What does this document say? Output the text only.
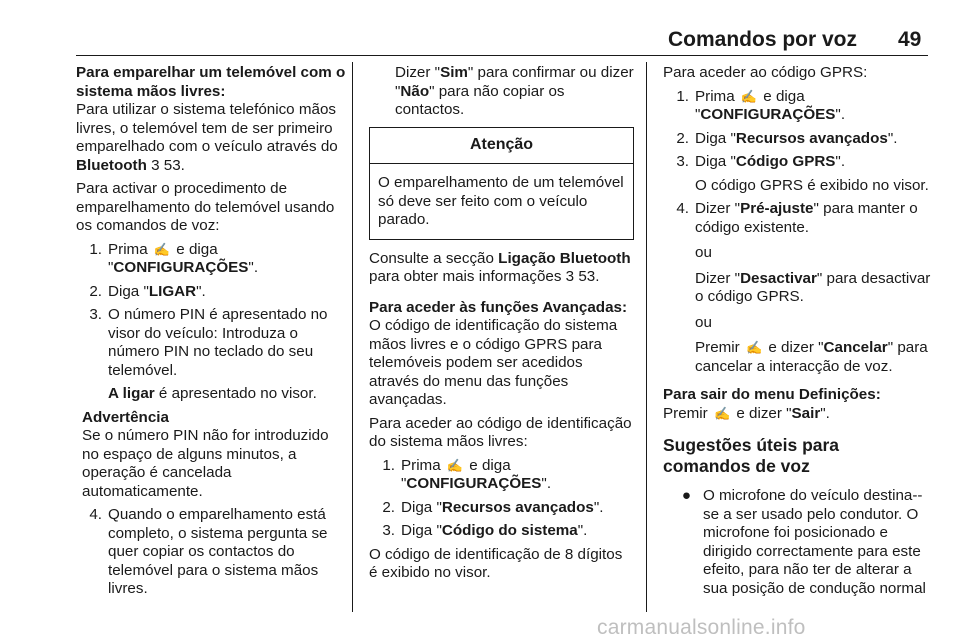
Comandos por voz 49

Para emparelhar um telemóvel com o sistema mãos livres:

Para utilizar o sistema telefónico mãos livres, o telemóvel tem de ser primeiro emparelhado com o veículo através do Bluetooth 3 53.

Para activar o procedimento de emparelhamento do telemóvel usando os comandos de voz:

1. Prima ✍ e diga
"CONFIGURAÇÕES".
2. Diga "LIGAR".
3. O número PIN é apresentado no visor do veículo: Introduza o número PIN no teclado do seu telemóvel.

A ligar é apresentado no visor.

Advertência

Se o número PIN não for introduzido no espaço de alguns minutos, a operação é cancelada automaticamente.

4. Quando o emparelhamento está completo, o sistema pergunta se quer copiar os contactos do telemóvel para o sistema mãos livres.

Dizer "Sim" para confirmar ou dizer "Não" para não copiar os contactos.

Atenção
O emparelhamento de um telemóvel só deve ser feito com o veículo parado.

Consulte a secção Ligação Bluetooth para obter mais informações 3 53.

Para aceder às funções Avançadas:

O código de identificação do sistema mãos livres e o código GPRS para telemóveis podem ser acedidos através do menu das funções avançadas.

Para aceder ao código de identificação do sistema mãos livres:

1. Prima ✍ e diga
"CONFIGURAÇÕES".
2. Diga "Recursos avançados".
3. Diga "Código do sistema".

O código de identificação de 8 dígitos é exibido no visor.

Para aceder ao código GPRS:

1. Prima ✍ e diga
"CONFIGURAÇÕES".
2. Diga "Recursos avançados".
3. Diga "Código GPRS".
O código GPRS é exibido no visor.
4. Dizer "Pré-ajuste" para manter o código existente.
ou
Dizer "Desactivar" para desactivar o código GPRS.
ou
Premir ✍ e dizer "Cancelar" para cancelar a interacção de voz.

Para sair do menu Definições:

Premir ✍ e dizer "Sair".

Sugestões úteis para comandos de voz

● O microfone do veículo destina--se a ser usado pelo condutor. O microfone foi posicionado e dirigido correctamente para este efeito, para não ter de alterar a sua posição de condução normal
carmanualsonline.info
